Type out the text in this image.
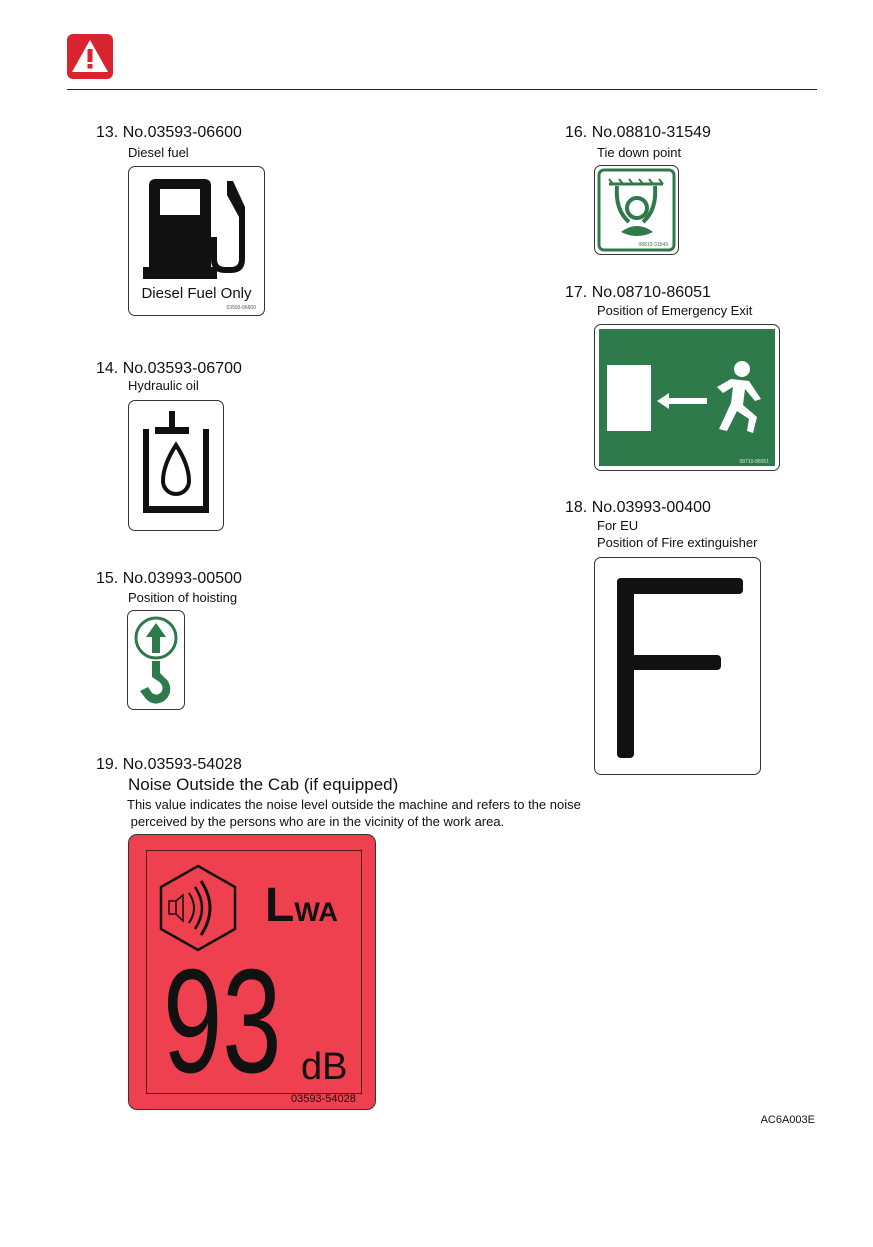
13. No.03593-06600
Diesel fuel
Diesel Fuel Only
03593-06600
14. No.03593-06700
Hydraulic oil
15. No.03993-00500
Position of hoisting
16. No.08810-31549
Tie down point
08810-31549
17. No.08710-86051
Position of Emergency Exit
08710-86051
18. No.03993-00400
For EU
Position of Fire extinguisher
19. No.03593-54028
Noise Outside the Cab (if equipped)
This value indicates the noise level outside the machine and refers to the noise
perceived by the persons who are in the vicinity of the work area.
LWA
93 dB
03593-54028
AC6A003E
